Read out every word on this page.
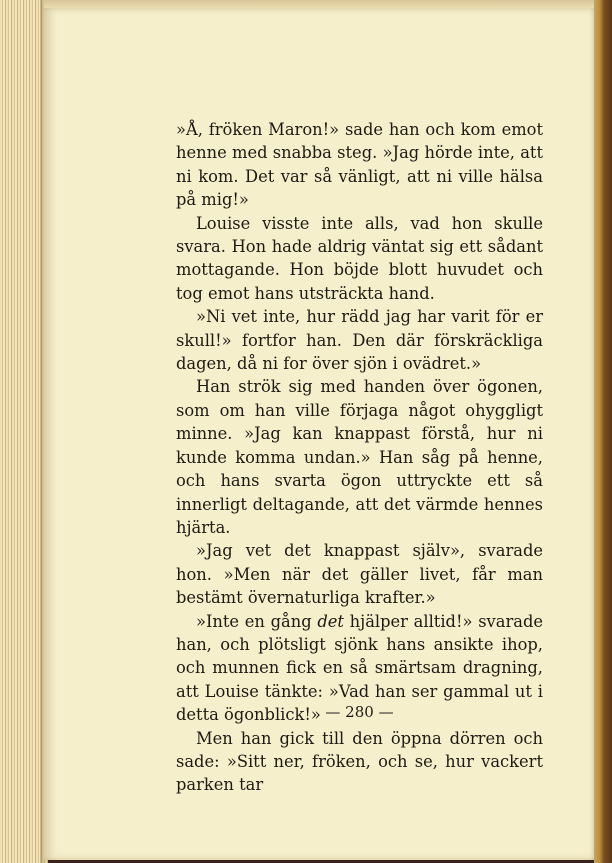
»Å, fröken Maron!» sade han och kom emot henne med snabba steg. »Jag hörde inte, att ni kom. Det var så vänligt, att ni ville hälsa på mig!»

Louise visste inte alls, vad hon skulle svara. Hon hade aldrig väntat sig ett sådant mottagande. Hon böjde blott huvudet och tog emot hans utsträckta hand.

»Ni vet inte, hur rädd jag har varit för er skull!» fortfor han. Den där förskräckliga dagen, då ni for över sjön i ovädret.»

Han strök sig med handen över ögonen, som om han ville förjaga något ohyggligt minne. »Jag kan knappast förstå, hur ni kunde komma undan.» Han såg på henne, och hans svarta ögon uttryckte ett så innerligt deltagande, att det värmde hennes hjärta.

»Jag vet det knappast själv», svarade hon. »Men när det gäller livet, får man bestämt övernaturliga krafter.»

»Inte en gång det hjälper alltid!» svarade han, och plötsligt sjönk hans ansikte ihop, och munnen fick en så smärtsam dragning, att Louise tänkte: »Vad han ser gammal ut i detta ögonblick!»

Men han gick till den öppna dörren och sade: »Sitt ner, fröken, och se, hur vackert parken tar

— 280 —
